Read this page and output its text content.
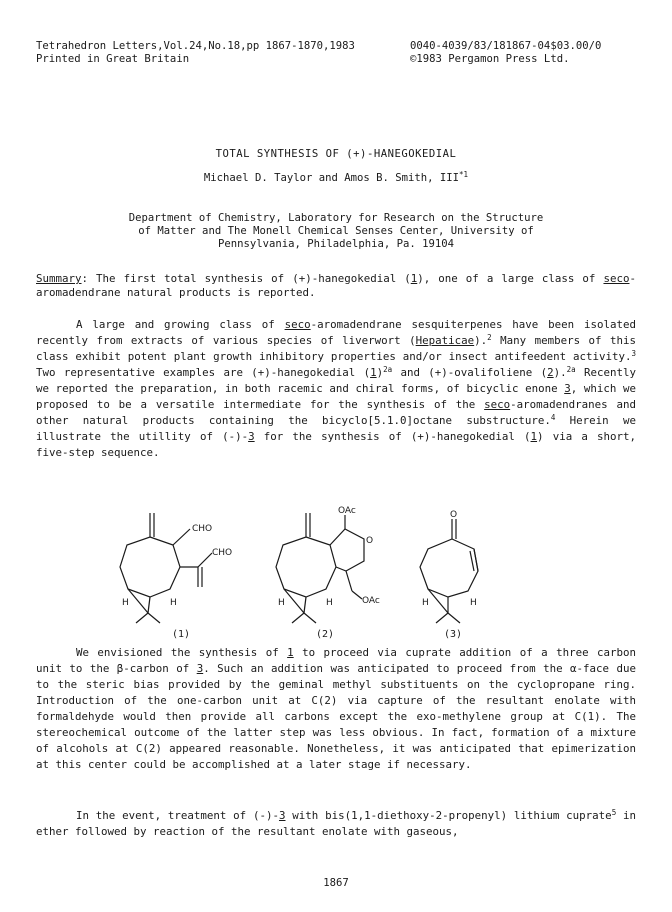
Tetrahedron Letters,Vol.24,No.18,pp 1867-1870,1983
Printed in Great Britain
0040-4039/83/181867-04$03.00/0
©1983 Pergamon Press Ltd.
TOTAL SYNTHESIS OF (+)-HANEGOKEDIAL
Michael D. Taylor and Amos B. Smith, III$^{*1}$
Department of Chemistry, Laboratory for Research on the Structure
of Matter and The Monell Chemical Senses Center, University of
Pennsylvania, Philadelphia, Pa. 19104

Summary: The first total synthesis of (+)-hanegokedial (1), one of a large class of seco-aromadendrane natural products is reported.

A large and growing class of seco-aromadendrane sesquiterpenes have been isolated recently from extracts of various species of liverwort (Hepaticae).$^2$ Many members of this class exhibit potent plant growth inhibitory properties and/or insect antifeedent activity.$^3$ Two representative examples are (+)-hanegokedial $(1)^{2a}$ and (+)-ovalifoliene (2).$^{2a}$ Recently we reported the preparation, in both racemic and chiral forms, of bicyclic enone 3, which we proposed to be a versatile intermediate for the synthesis of the seco-aromadendranes and other natural products containing the bicyclo[5.1.0]octane substructure.$^4$ Herein we illustrate the utillity of (-)-3 for the synthesis of (+)-hanegokedial (1) via a short, five-step sequence.

CHO
CHO
H	H
OAc
O
OAc
H	H
O
H	H
(1)	(2)	(3)

We envisioned the synthesis of 1 to proceed via cuprate addition of a three carbon unit to the β-carbon of 3. Such an addition was anticipated to proceed from the α-face due to the steric bias provided by the geminal methyl substituents on the cyclopropane ring. Introduction of the one-carbon unit at C(2) via capture of the resultant enolate with formaldehyde would then provide all carbons except the exo-methylene group at C(1). The stereochemical outcome of the latter step was less obvious. In fact, formation of a mixture of alcohols at C(2) appeared reasonable. Nonetheless, it was anticipated that epimerization at this center could be accomplished at a later stage if necessary.

In the event, treatment of (-)-3 with bis(1,1-diethoxy-2-propenyl) lithium cuprate$^5$ in ether followed by reaction of the resultant enolate with gaseous,

1867
